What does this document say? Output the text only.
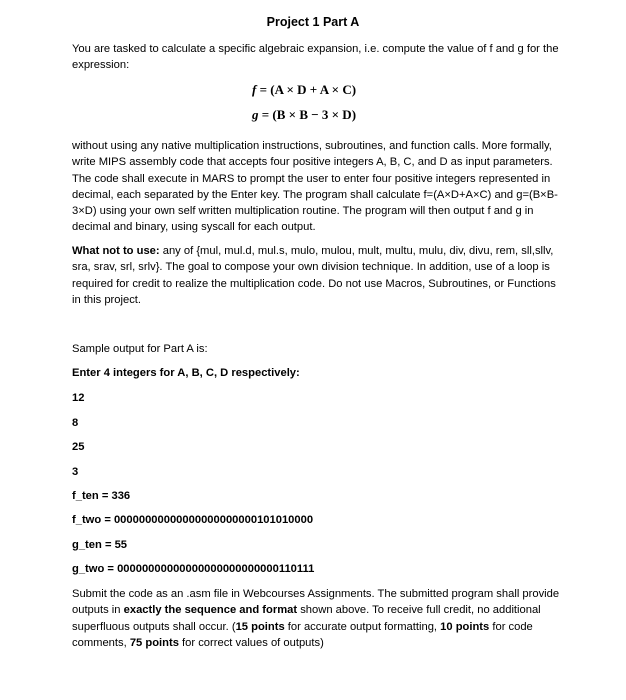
Project 1 Part A
You are tasked to calculate a specific algebraic expansion, i.e. compute the value of f and g for the expression:
f = (A × D + A × C)
g = (B × B − 3 × D)
without using any native multiplication instructions, subroutines, and function calls. More formally, write MIPS assembly code that accepts four positive integers A, B, C, and D as input parameters. The code shall execute in MARS to prompt the user to enter four positive integers represented in decimal, each separated by the Enter key. The program shall calculate f=(A×D+A×C) and g=(B×B-3×D) using your own self written multiplication routine. The program will then output f and g in decimal and binary, using syscall for each output.
What not to use: any of {mul, mul.d, mul.s, mulo, mulou, mult, multu, mulu, div, divu, rem, sll,sllv, sra, srav, srl, srlv}. The goal to compose your own division technique. In addition, use of a loop is required for credit to realize the multiplication code. Do not use Macros, Subroutines, or Functions in this project.
Sample output for Part A is:
Enter 4 integers for A, B, C, D respectively:
12
8
25
3
f_ten = 336
f_two = 00000000000000000000000101010000
g_ten = 55
g_two = 00000000000000000000000000110111
Submit the code as an .asm file in Webcourses Assignments. The submitted program shall provide outputs in exactly the sequence and format shown above. To receive full credit, no additional superfluous outputs shall occur. (15 points for accurate output formatting, 10 points for code comments, 75 points for correct values of outputs)
